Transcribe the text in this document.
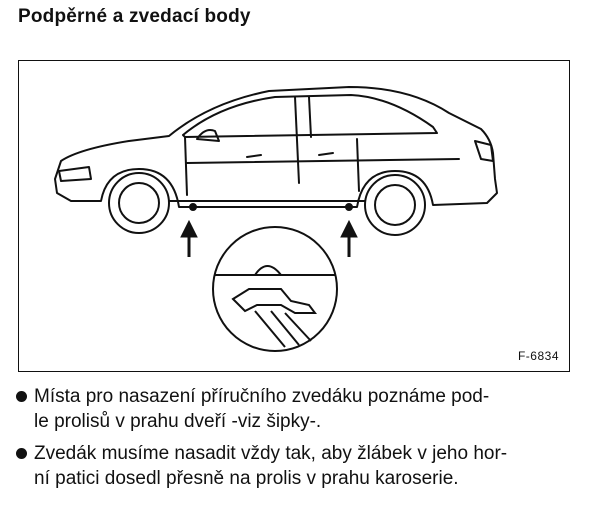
Podpěrné a zvedací body
F-6834
Místa pro nasazení příručního zvedáku poznáme pod-
le prolisů v prahu dveří -viz šipky-.
Zvedák musíme nasadit vždy tak, aby žlábek v jeho hor-
ní patici dosedl přesně na prolis v prahu karoserie.
